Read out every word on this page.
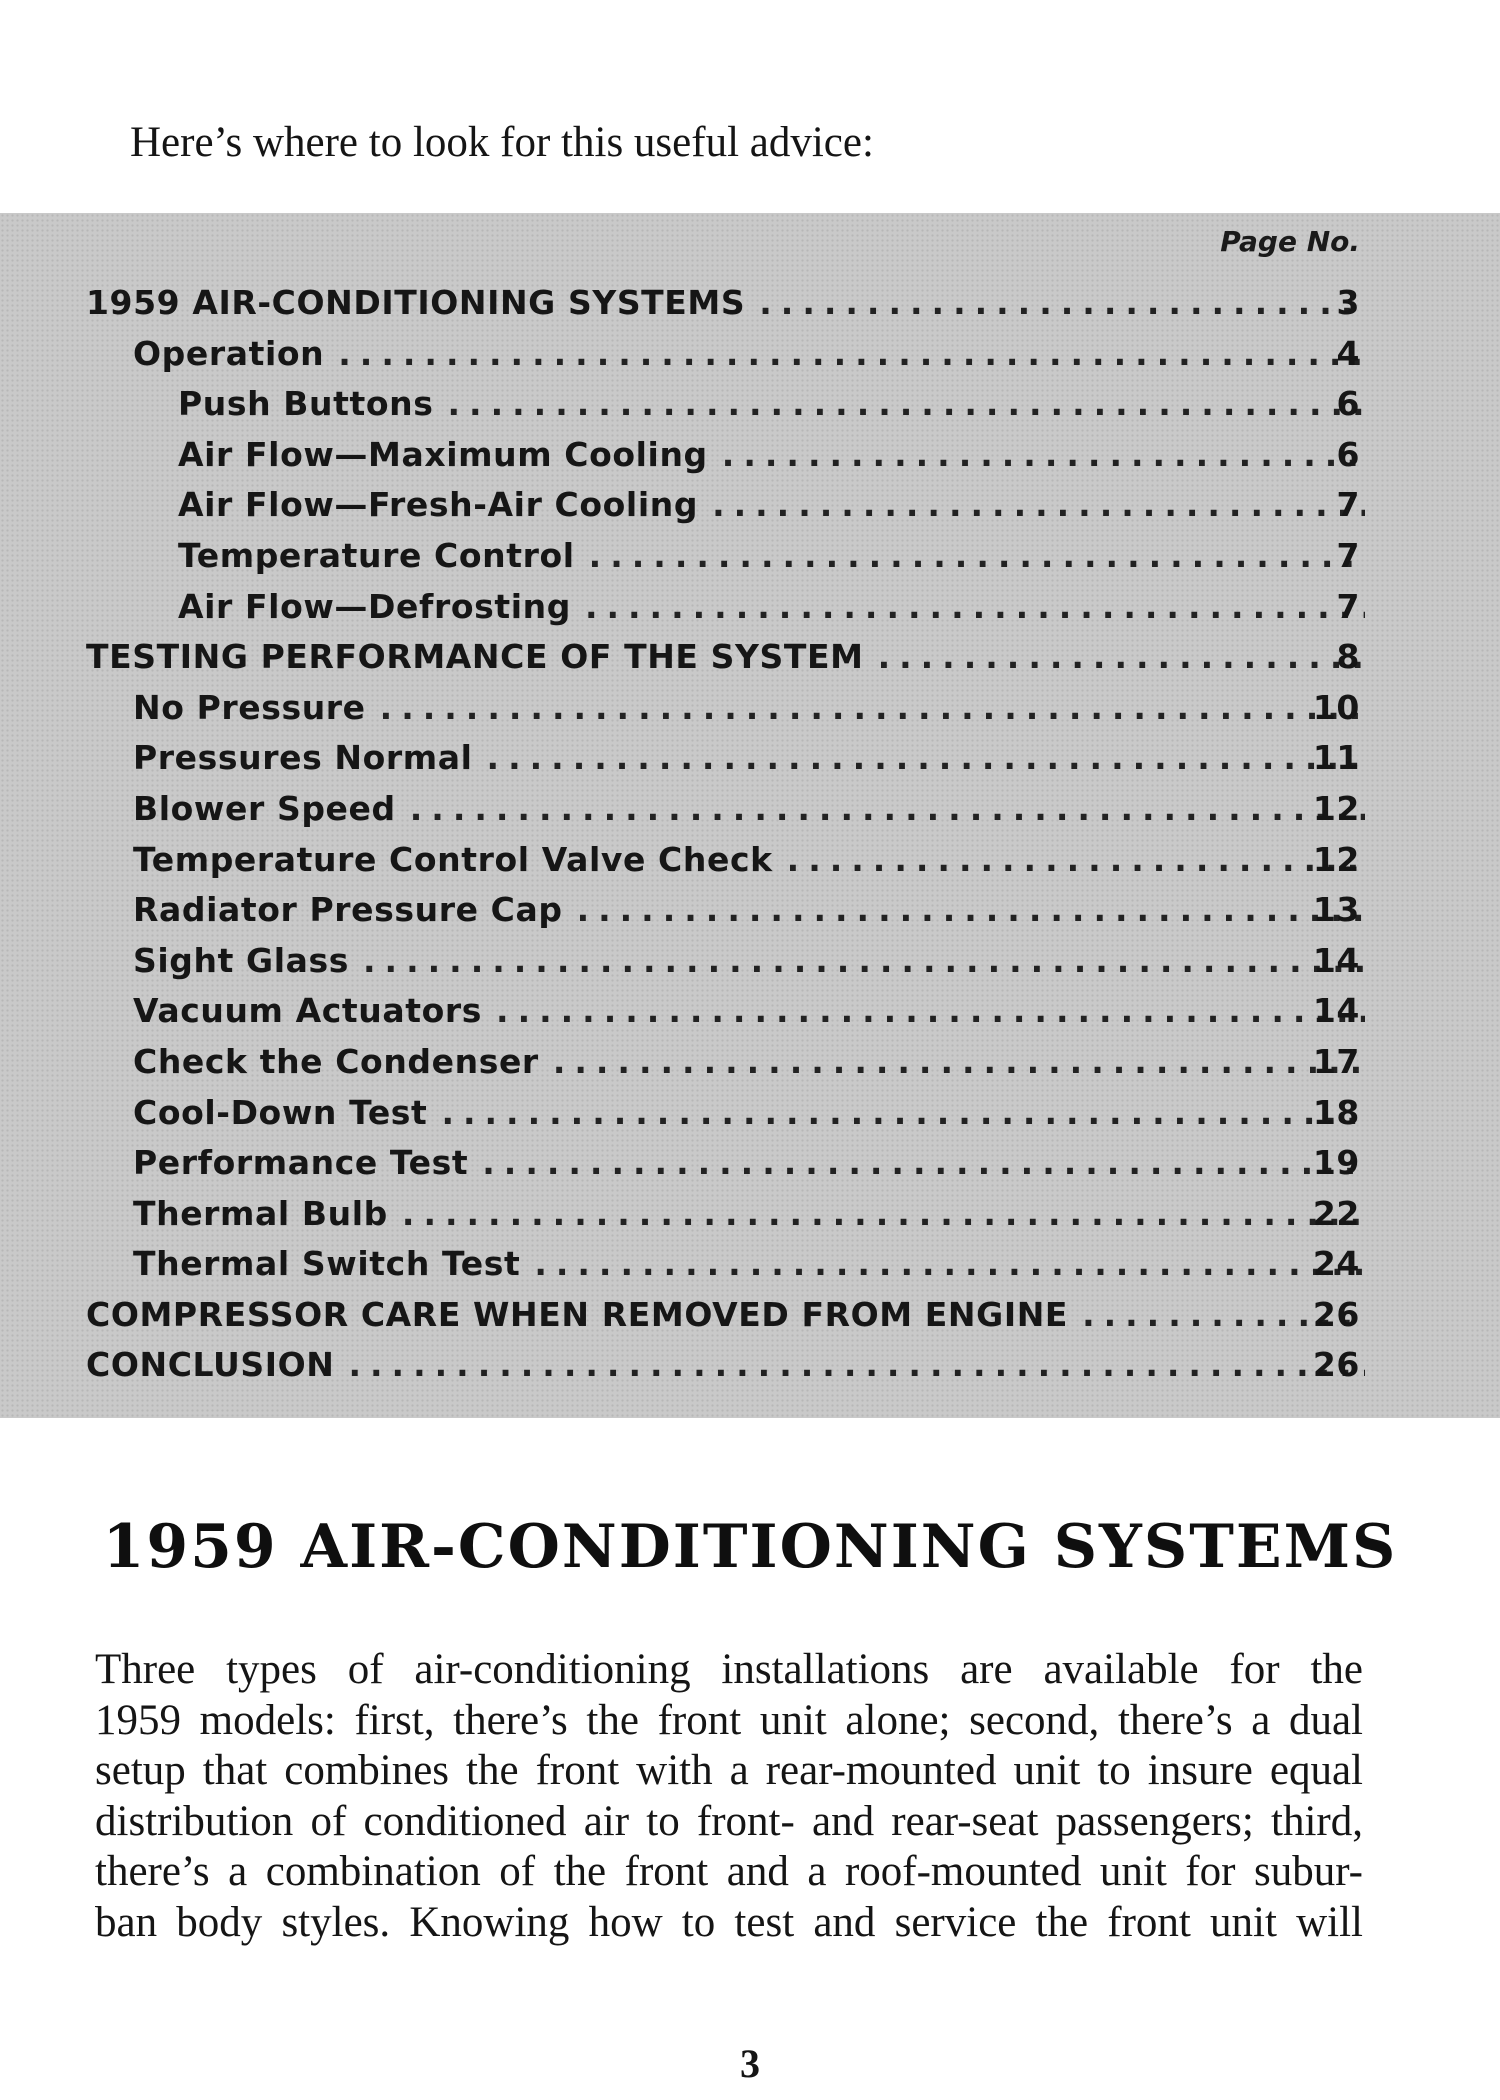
Here’s where to look for this useful advice:

Page No.
1959 AIR-CONDITIONING SYSTEMS .....	3
Operation .....	4
Push Buttons .....	6
Air Flow—Maximum Cooling .....	6
Air Flow—Fresh-Air Cooling .....	7
Temperature Control .....	7
Air Flow—Defrosting .....	7
TESTING PERFORMANCE OF THE SYSTEM .....	8
No Pressure .....	10
Pressures Normal .....	11
Blower Speed .....	12
Temperature Control Valve Check .....	12
Radiator Pressure Cap .....	13
Sight Glass .....	14
Vacuum Actuators .....	14
Check the Condenser .....	17
Cool-Down Test .....	18
Performance Test .....	19
Thermal Bulb .....	22
Thermal Switch Test .....	24
COMPRESSOR CARE WHEN REMOVED FROM ENGINE .....	26
CONCLUSION .....	26
1959 AIR-CONDITIONING SYSTEMS
Three types of air-conditioning installations are available for the
1959 models: first, there’s the front unit alone; second, there’s a dual
setup that combines the front with a rear-mounted unit to insure equal
distribution of conditioned air to front- and rear-seat passengers; third,
there’s a combination of the front and a roof-mounted unit for subur-
ban body styles. Knowing how to test and service the front unit will
3
